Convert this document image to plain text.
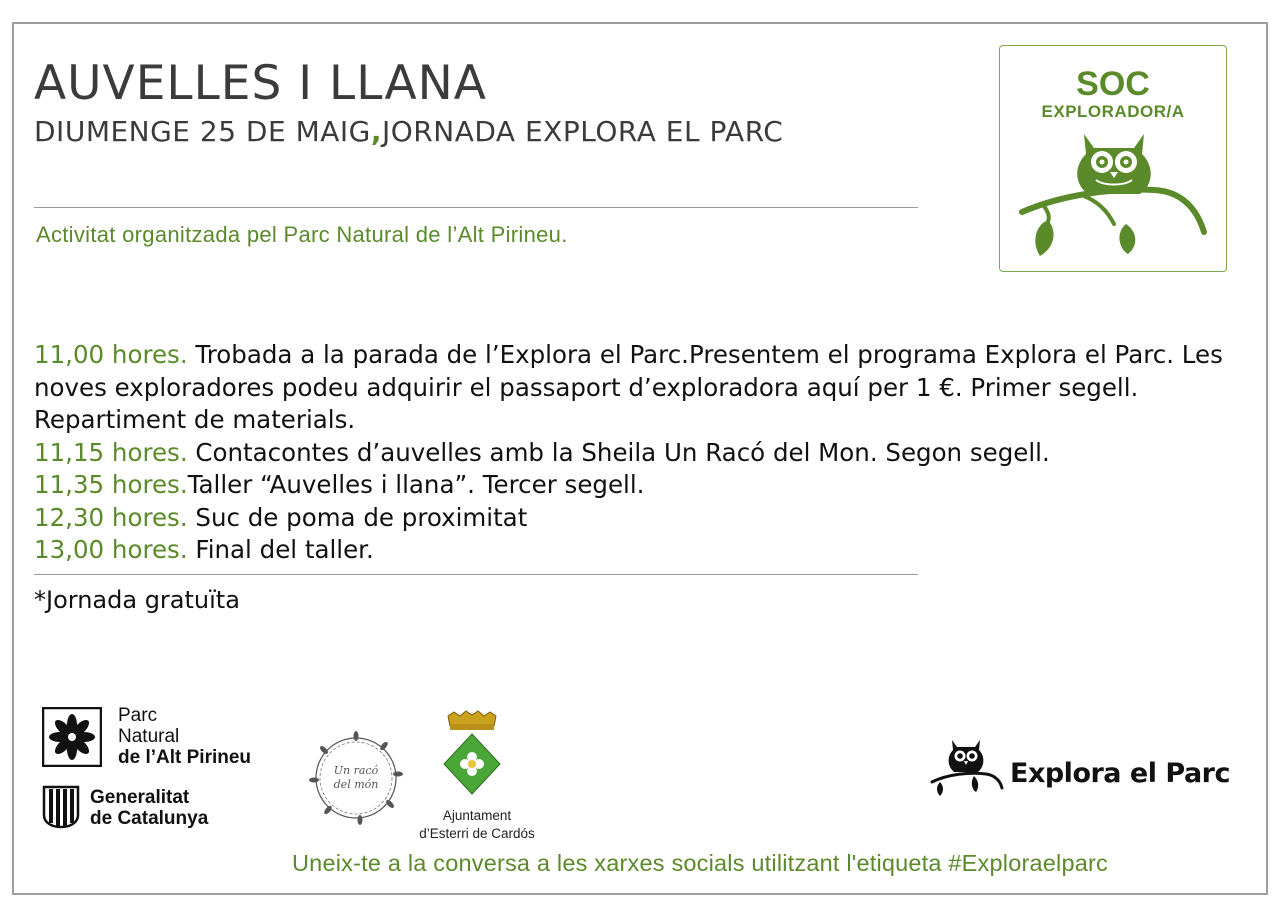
AUVELLES I LLANA
DIUMENGE 25 DE MAIG,JORNADA EXPLORA EL PARC
Activitat organitzada pel Parc Natural de l’Alt Pirineu.
SOC
EXPLORADOR/A
11,00 hores. Trobada a la parada de l’Explora el Parc.Presentem el programa Explora el Parc. Les noves exploradores podeu adquirir el passaport d’exploradora aquí per 1 €. Primer segell. Repartiment de materials.
11,15 hores. Contacontes d’auvelles amb la Sheila Un Racó del Mon. Segon segell.
11,35 hores.Taller “Auvelles i llana”. Tercer segell.
12,30 hores. Suc de poma de proximitat
13,00 hores. Final del taller.
*Jornada gratuïta
Parc
Natural
de l’Alt Pirineu
Generalitat
de Catalunya
Un racó
del món
Ajuntament
d’Esterri de Cardós
Explora el Parc
Uneix-te a la conversa a les xarxes socials utilitzant l'etiqueta #Exploraelparc
